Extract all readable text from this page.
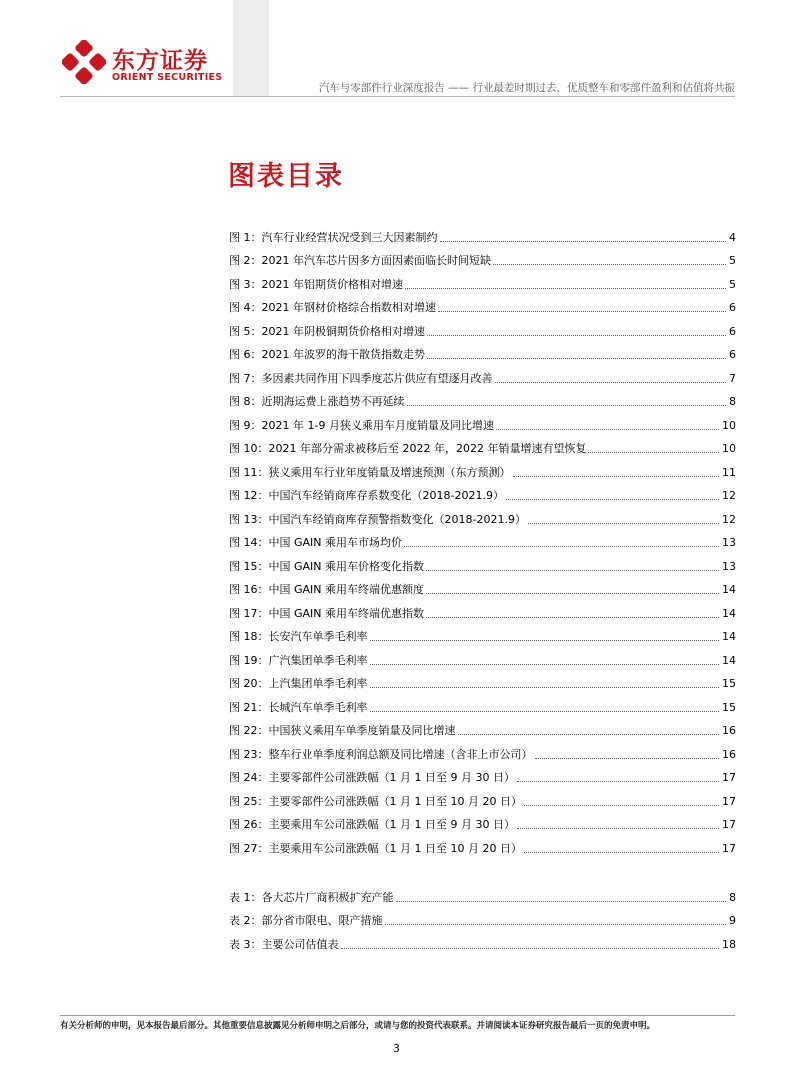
东方证券
ORIENT SECURITIES
汽车与零部件行业深度报告 —— 行业最差时期过去，优质整车和零部件盈利和估值将共振
图表目录
图 1：汽车行业经营状况受到三大因素制约	4
图 2：2021 年汽车芯片因多方面因素面临长时间短缺	5
图 3：2021 年铝期货价格相对增速	5
图 4：2021 年钢材价格综合指数相对增速	6
图 5：2021 年阴极铜期货价格相对增速	6
图 6：2021 年波罗的海干散货指数走势	6
图 7：多因素共同作用下四季度芯片供应有望逐月改善	7
图 8：近期海运费上涨趋势不再延续	8
图 9：2021 年 1-9 月狭义乘用车月度销量及同比增速	10
图 10：2021 年部分需求被移后至 2022 年，2022 年销量增速有望恢复	10
图 11：狭义乘用车行业年度销量及增速预测（东方预测）	11
图 12：中国汽车经销商库存系数变化（2018-2021.9）	12
图 13：中国汽车经销商库存预警指数变化（2018-2021.9）	12
图 14：中国 GAIN 乘用车市场均价	13
图 15：中国 GAIN 乘用车价格变化指数	13
图 16：中国 GAIN 乘用车终端优惠额度	14
图 17：中国 GAIN 乘用车终端优惠指数	14
图 18：长安汽车单季毛利率	14
图 19：广汽集团单季毛利率	14
图 20：上汽集团单季毛利率	15
图 21：长城汽车单季毛利率	15
图 22：中国狭义乘用车单季度销量及同比增速	16
图 23：整车行业单季度利润总额及同比增速（含非上市公司）	16
图 24：主要零部件公司涨跌幅（1 月 1 日至 9 月 30 日）	17
图 25：主要零部件公司涨跌幅（1 月 1 日至 10 月 20 日）	17
图 26：主要乘用车公司涨跌幅（1 月 1 日至 9 月 30 日）	17
图 27：主要乘用车公司涨跌幅（1 月 1 日至 10 月 20 日）	17
表 1：各大芯片厂商积极扩充产能	8
表 2：部分省市限电、限产措施	9
表 3：主要公司估值表	18
有关分析师的申明，见本报告最后部分。其他重要信息披露见分析师申明之后部分，或请与您的投资代表联系。并请阅读本证券研究报告最后一页的免责申明。
3
